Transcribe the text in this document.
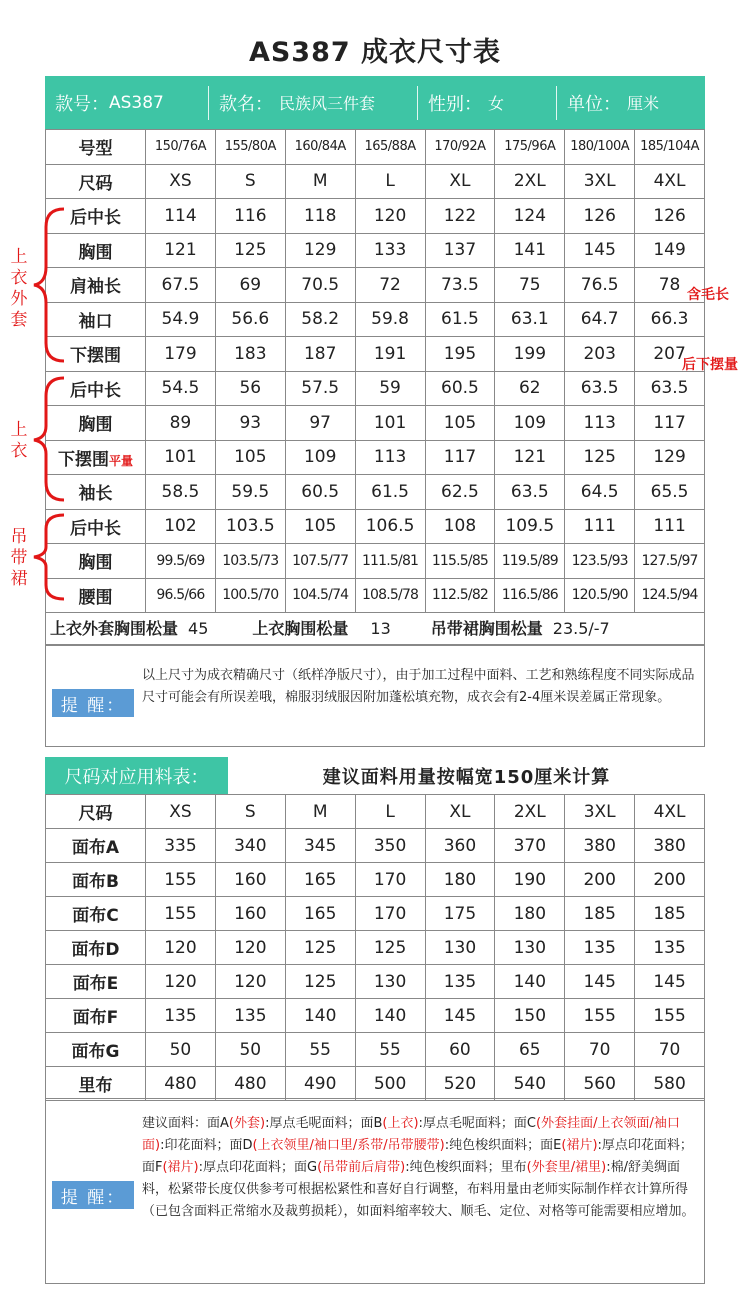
AS387 成衣尺寸表
款号： AS387	款名： 民族风三件套	性别： 女	单位： 厘米
号型	150/76A	155/80A	160/84A	165/88A	170/92A	175/96A	180/100A	185/104A
尺码	XS	S	M	L	XL	2XL	3XL	4XL
后中长	114	116	118	120	122	124	126	126
胸围	121	125	129	133	137	141	145	149
肩袖长	67.5	69	70.5	72	73.5	75	76.5	78
袖口	54.9	56.6	58.2	59.8	61.5	63.1	64.7	66.3
下摆围	179	183	187	191	195	199	203	207
后中长	54.5	56	57.5	59	60.5	62	63.5	63.5
胸围	89	93	97	101	105	109	113	117
下摆围平量	101	105	109	113	117	121	125	129
袖长	58.5	59.5	60.5	61.5	62.5	63.5	64.5	65.5
后中长	102	103.5	105	106.5	108	109.5	111	111
胸围	99.5/69	103.5/73	107.5/77	111.5/81	115.5/85	119.5/89	123.5/93	127.5/97
腰围	96.5/66	100.5/70	104.5/74	108.5/78	112.5/82	116.5/86	120.5/90	124.5/94
上衣外套
上衣
吊带裙
含毛长
后下摆量
上衣外套胸围松量 45	上衣胸围松量 13	吊带裙胸围松量 23.5/-7
提 醒：
以上尺寸为成衣精确尺寸（纸样净版尺寸），由于加工过程中面料、工艺和熟练程度不同实际成品尺寸可能会有所误差哦，棉服羽绒服因附加蓬松填充物，成衣会有2-4厘米误差属正常现象。
尺码对应用料表：	建议面料用量按幅宽150厘米计算
尺码	XS	S	M	L	XL	2XL	3XL	4XL
面布A	335	340	345	350	360	370	380	380
面布B	155	160	165	170	180	190	200	200
面布C	155	160	165	170	175	180	185	185
面布D	120	120	125	125	130	130	135	135
面布E	120	120	125	130	135	140	145	145
面布F	135	135	140	140	145	150	155	155
面布G	50	50	55	55	60	65	70	70
里布	480	480	490	500	520	540	560	580
提 醒：
建议面料：面A(外套):厚点毛呢面料；面B(上衣):厚点毛呢面料；面C(外套挂面/上衣领面/袖口面):印花面料；面D(上衣领里/袖口里/系带/吊带腰带):纯色梭织面料；面E(裙片):厚点印花面料；面F(裙片):厚点印花面料；面G(吊带前后肩带):纯色梭织面料；里布(外套里/裙里):棉/舒美绸面料，松紧带长度仅供参考可根据松紧性和喜好自行调整，布料用量由老师实际制作样衣计算所得（已包含面料正常缩水及裁剪损耗），如面料缩率较大、顺毛、定位、对格等可能需要相应增加。
